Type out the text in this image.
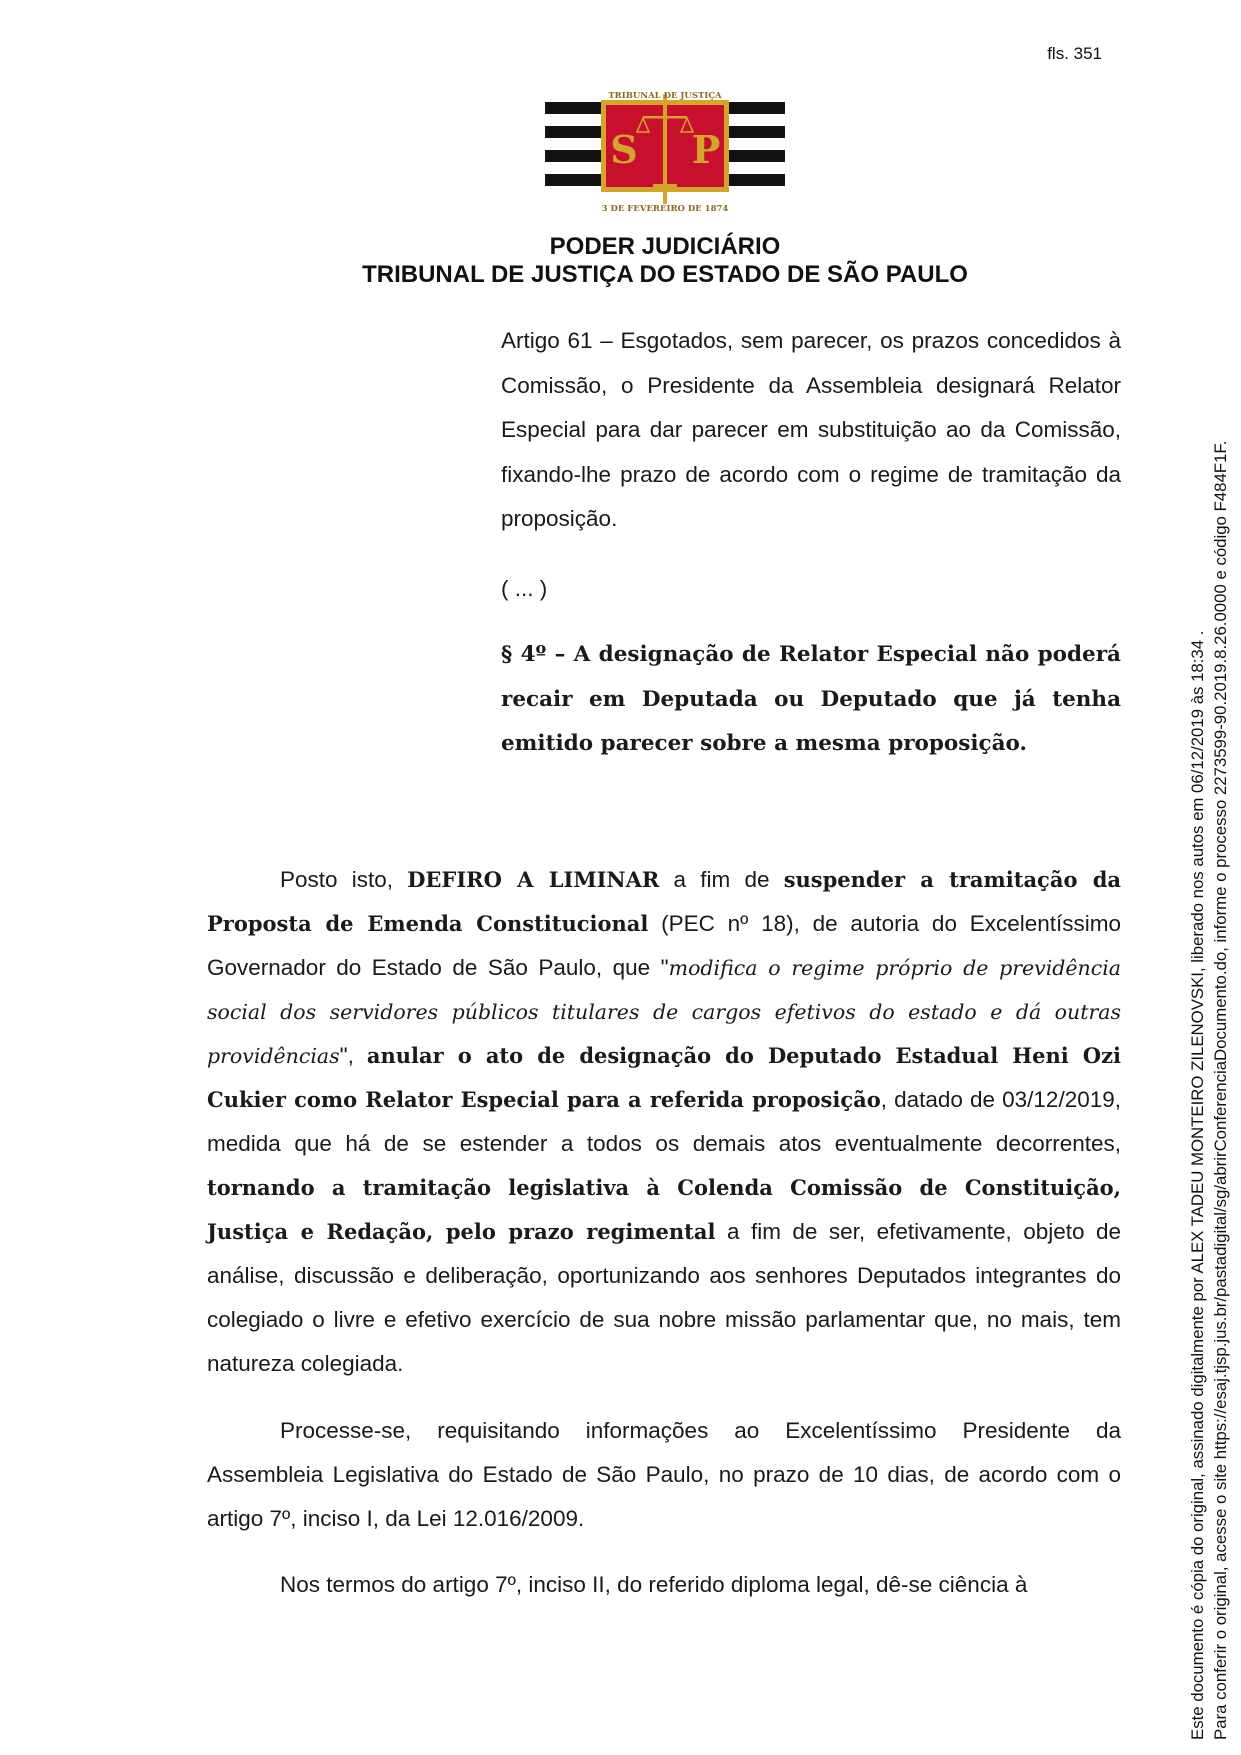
fls. 351
S P
TRIBUNAL DE JUSTIÇA
3 DE FEVEREIRO DE 1874
PODER JUDICIÁRIO
TRIBUNAL DE JUSTIÇA DO ESTADO DE SÃO PAULO
Artigo 61 – Esgotados, sem parecer, os prazos concedidos à Comissão, o Presidente da Assembleia designará Relator Especial para dar parecer em substituição ao da Comissão, fixando-lhe prazo de acordo com o regime de tramitação da proposição.
( ... )
§ 4º – A designação de Relator Especial não poderá recair em Deputada ou Deputado que já tenha emitido parecer sobre a mesma proposição.

Posto isto, DEFIRO A LIMINAR a fim de suspender a tramitação da Proposta de Emenda Constitucional (PEC nº 18), de autoria do Excelentíssimo Governador do Estado de São Paulo, que "modifica o regime próprio de previdência social dos servidores públicos titulares de cargos efetivos do estado e dá outras providências", anular o ato de designação do Deputado Estadual Heni Ozi Cukier como Relator Especial para a referida proposição, datado de 03/12/2019, medida que há de se estender a todos os demais atos eventualmente decorrentes, tornando a tramitação legislativa à Colenda Comissão de Constituição, Justiça e Redação, pelo prazo regimental a fim de ser, efetivamente, objeto de análise, discussão e deliberação, oportunizando aos senhores Deputados integrantes do colegiado o livre e efetivo exercício de sua nobre missão parlamentar que, no mais, tem natureza colegiada.

Processe-se, requisitando informações ao Excelentíssimo Presidente da Assembleia Legislativa do Estado de São Paulo, no prazo de 10 dias, de acordo com o artigo 7º, inciso I, da Lei 12.016/2009.

Nos termos do artigo 7º, inciso II, do referido diploma legal, dê-se ciência à	Este documento é cópia do original, assinado digitalmente por ALEX TADEU MONTEIRO ZILENOVSKI, liberado nos autos em 06/12/2019 às 18:34 . Para conferir o original, acesse o site https://esaj.tjsp.jus.br/pastadigital/sg/abrirConferenciaDocumento.do, informe o processo 2273599-90.2019.8.26.0000 e código F484F1F.
